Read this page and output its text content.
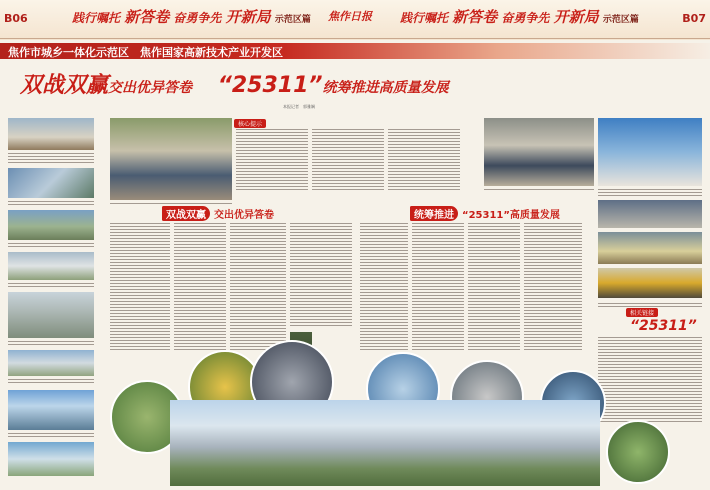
B06	践行嘱托 新答卷 奋勇争先 开新局 示范区篇 焦作日报 践行嘱托 新答卷 奋勇争先 开新局 示范区篇	B07
焦作市城乡一体化示范区　焦作国家高新技术产业开发区
双战双赢交出优异答卷 “25311”统筹推进高质量发展
本报记者　郭雅娴
核心提示
双战双赢 交出优异答卷	统筹推进 “25311”高质量发展
相关链接
“25311”
